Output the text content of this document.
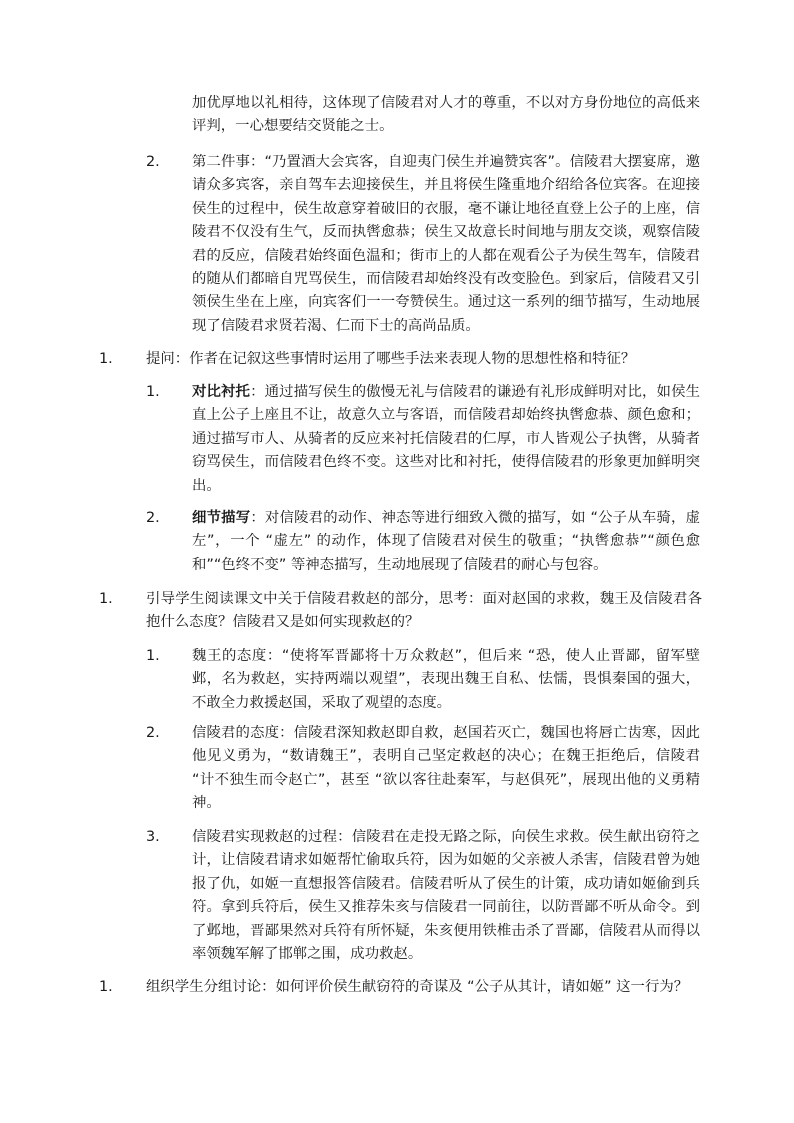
加优厚地以礼相待，这体现了信陵君对人才的尊重，不以对方身份地位的高低来评判，一心想要结交贤能之士。
2. 第二件事：“乃置酒大会宾客，自迎夷门侯生并遍赞宾客”。信陵君大摆宴席，邀请众多宾客，亲自驾车去迎接侯生，并且将侯生隆重地介绍给各位宾客。在迎接侯生的过程中，侯生故意穿着破旧的衣服，毫不谦让地径直登上公子的上座，信陵君不仅没有生气，反而执辔愈恭；侯生又故意长时间地与朋友交谈，观察信陵君的反应，信陵君始终面色温和；街市上的人都在观看公子为侯生驾车，信陵君的随从们都暗自咒骂侯生，而信陵君却始终没有改变脸色。到家后，信陵君又引领侯生坐在上座，向宾客们一一夸赞侯生。通过这一系列的细节描写，生动地展现了信陵君求贤若渴、仁而下士的高尚品质。
1. 提问：作者在记叙这些事情时运用了哪些手法来表现人物的思想性格和特征？
1. 对比衬托：通过描写侯生的傲慢无礼与信陵君的谦逊有礼形成鲜明对比，如侯生直上公子上座且不让，故意久立与客语，而信陵君却始终执辔愈恭、颜色愈和；通过描写市人、从骑者的反应来衬托信陵君的仁厚，市人皆观公子执辔，从骑者窃骂侯生，而信陵君色终不变。这些对比和衬托，使得信陵君的形象更加鲜明突出。
2. 细节描写：对信陵君的动作、神态等进行细致入微的描写，如 “公子从车骑，虚左”，一个 “虚左” 的动作，体现了信陵君对侯生的敬重；“执辔愈恭”“颜色愈和”“色终不变” 等神态描写，生动地展现了信陵君的耐心与包容。
1. 引导学生阅读课文中关于信陵君救赵的部分，思考：面对赵国的求救，魏王及信陵君各抱什么态度？信陵君又是如何实现救赵的？
1. 魏王的态度：“使将军晋鄙将十万众救赵”，但后来 “恐，使人止晋鄙，留军壁邺，名为救赵，实持两端以观望”，表现出魏王自私、怯懦，畏惧秦国的强大，不敢全力救援赵国，采取了观望的态度。
2. 信陵君的态度：信陵君深知救赵即自救，赵国若灭亡，魏国也将唇亡齿寒，因此他见义勇为，“数请魏王”，表明自己坚定救赵的决心；在魏王拒绝后，信陵君 “计不独生而令赵亡”，甚至 “欲以客往赴秦军，与赵俱死”，展现出他的义勇精神。
3. 信陵君实现救赵的过程：信陵君在走投无路之际，向侯生求救。侯生献出窃符之计，让信陵君请求如姬帮忙偷取兵符，因为如姬的父亲被人杀害，信陵君曾为她报了仇，如姬一直想报答信陵君。信陵君听从了侯生的计策，成功请如姬偷到兵符。拿到兵符后，侯生又推荐朱亥与信陵君一同前往，以防晋鄙不听从命令。到了邺地，晋鄙果然对兵符有所怀疑，朱亥便用铁椎击杀了晋鄙，信陵君从而得以率领魏军解了邯郸之围，成功救赵。
1. 组织学生分组讨论：如何评价侯生献窃符的奇谋及 “公子从其计，请如姬” 这一行为？
